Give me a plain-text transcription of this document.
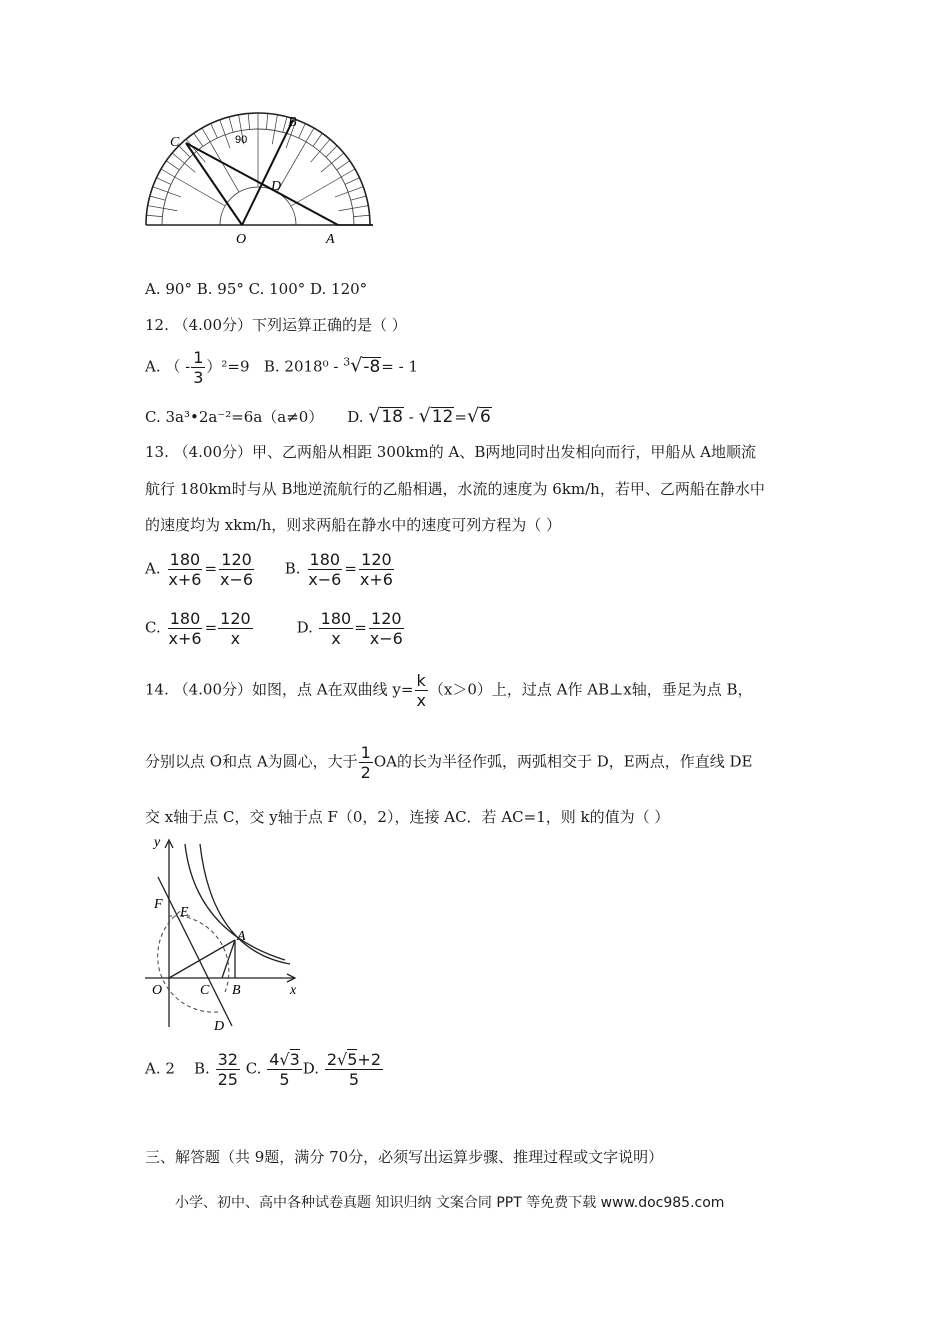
B
C
D
O	A
90
A. 90° B. 95° C. 100° D. 120°
12. （4.00分）下列运算正确的是（ ）
A. （ - $\frac{1}{3} )^2=9$ B. 2018⁰ - $^3$√-8= - 1
C. 3a³•2a⁻²=6a（a≠0） D. √18 - √12=√6
13. （4.00分）甲、乙两船从相距 300km的 A、B两地同时出发相向而行，甲船从 A地顺流
航行 180km时与从 B地逆流航行的乙船相遇，水流的速度为 6km/h，若甲、乙两船在静水中
的速度均为 xkm/h，则求两船在静水中的速度可列方程为（ ）
A. $\frac{180}{x+6} = \frac{120}{x-6} B$. $\frac{180}{x-6} = \frac{120}{x+6}$
C. $\frac{180}{x+6} = \frac{120}{x}$	D. $\frac{180}{x} = \frac{120}{x-6}$
14. （4.00分）如图，点 A在双曲线 $y= \frac{k}{x} (x>0)$上，过点 A作 AB⊥x轴，垂足为点 B，
分别以点 O和点 A为圆心，大于 $\frac{1}{2}$ OA的长为半径作弧，两弧相交于 D，E两点，作直线 DE
交 x轴于点 C，交 y轴于点 F（0，2），连接 AC．若 AC=1，则 k的值为（ ）
y
x
F
E
A
O	C B
D
A. 2 B. $\frac{32}{25} C$. $\frac{4√3}{5} D$. $\frac{2√5+2}{5}$
三、解答题（共 9题，满分 70分，必须写出运算步骤、推理过程或文字说明）
小学、初中、高中各种试卷真题 知识归纳 文案合同 PPT 等免费下载 www.doc985.com
